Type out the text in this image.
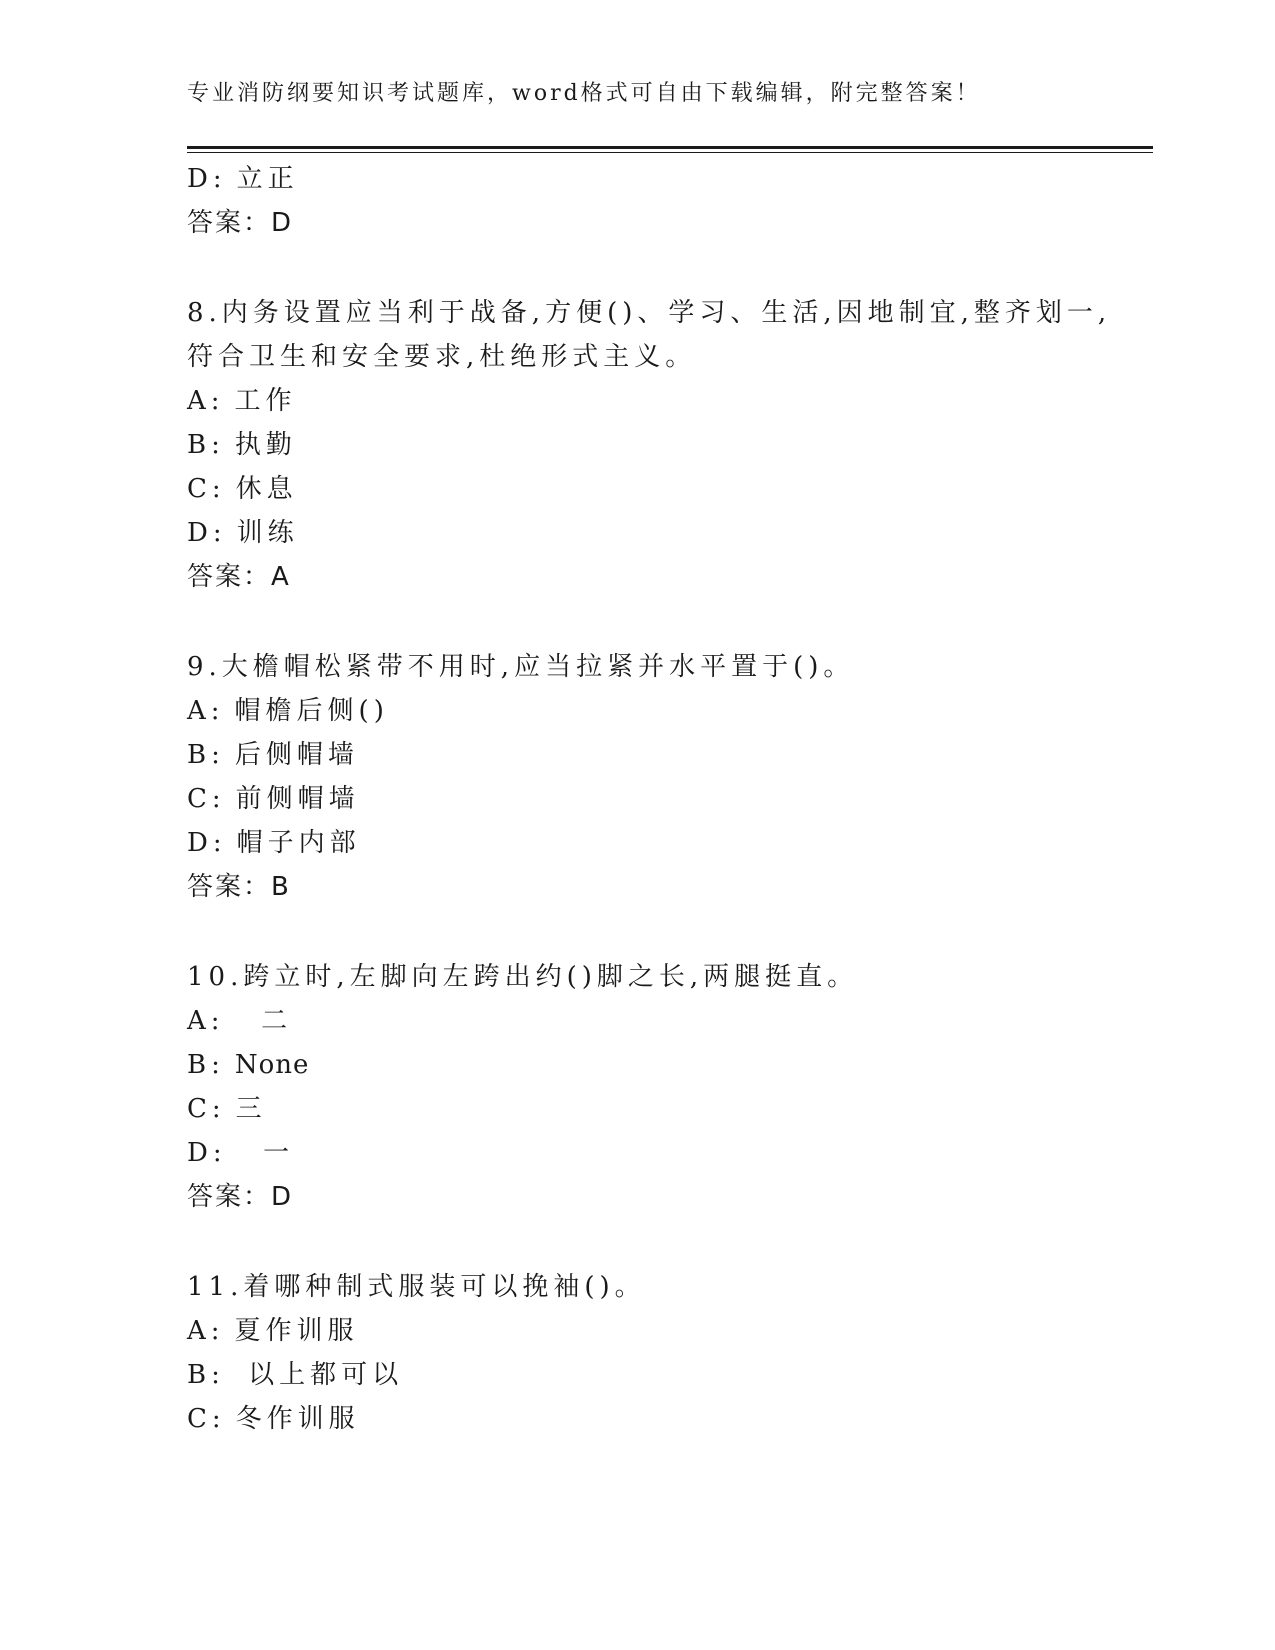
专业消防纲要知识考试题库，word格式可自由下载编辑，附完整答案！
D: 立正
答案：D
8.内务设置应当利于战备,方便()、学习、生活,因地制宜,整齐划一,
符合卫生和安全要求,杜绝形式主义。
A: 工作
B: 执勤
C: 休息
D: 训练
答案：A
9.大檐帽松紧带不用时,应当拉紧并水平置于()。
A: 帽檐后侧()
B: 后侧帽墙
C: 前侧帽墙
D: 帽子内部
答案：B
10.跨立时,左脚向左跨出约()脚之长,两腿挺直。
A:  二
B: None
C: 三
D:  一
答案：D
11.着哪种制式服装可以挽袖()。
A: 夏作训服
B: 以上都可以
C: 冬作训服
